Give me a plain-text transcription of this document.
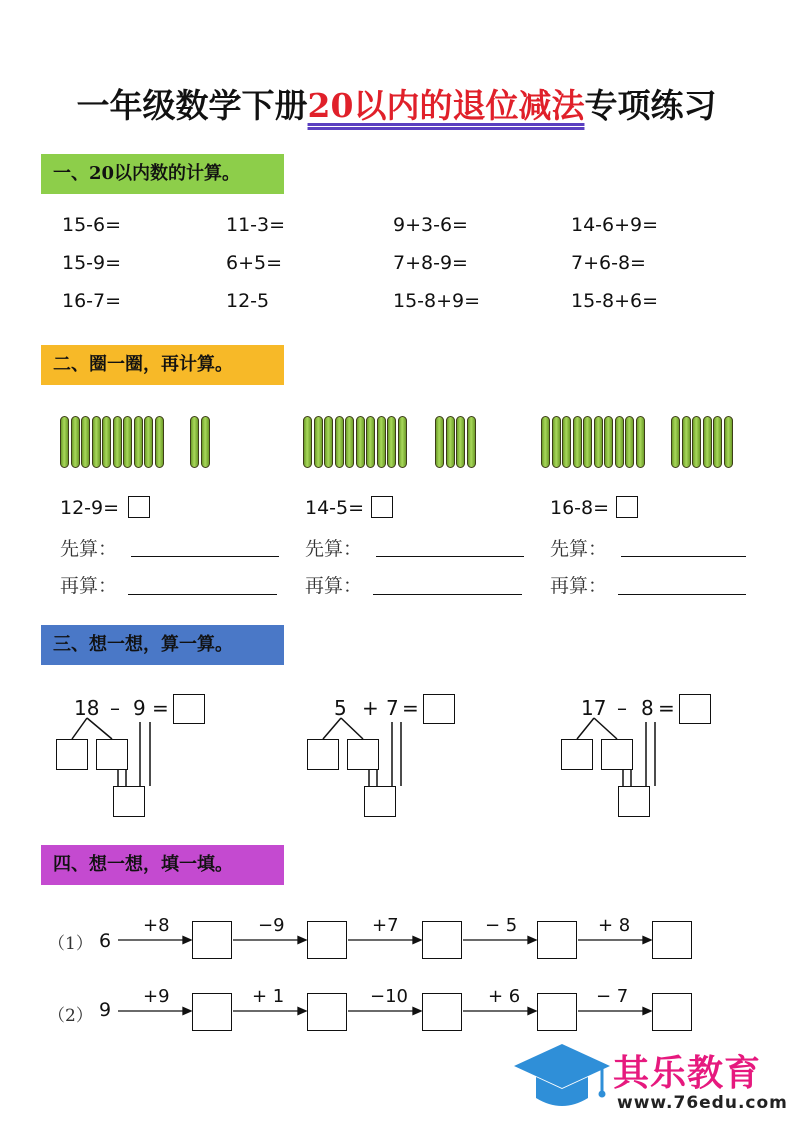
一年级数学下册20以内的退位减法专项练习
一、20以内数的计算。
二、圈一圈，再计算。
三、想一想，算一算。
四、想一想，填一填。
15-6=	11-3=	9+3-6=	14-6+9=
15-9=	6+5=	7+8-9=	7+6-8=
16-7=	12-5	15-8+9=	15-8+6=
12-9=
先算：
再算：
14-5=
先算：
再算：
16-8=
先算：
再算：
18 – 9 =	5 + 7 =	17 – 8 =
（1） 6
+8	−9	+7	− 5	+ 8
（2） 9
+9	+ 1	−10	+ 6	− 7
其乐教育
www.76edu.com
